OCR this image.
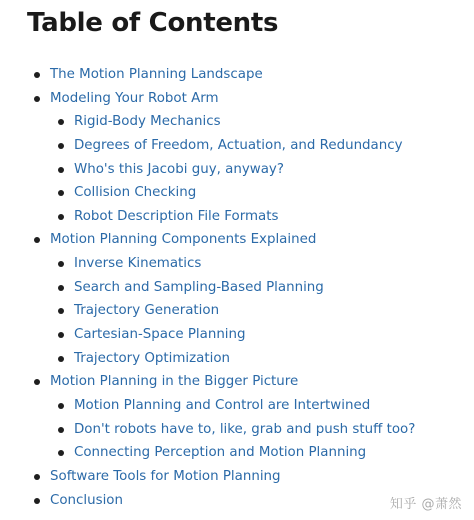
Table of Contents
The Motion Planning Landscape
Modeling Your Robot Arm
Rigid-Body Mechanics
Degrees of Freedom, Actuation, and Redundancy
Who's this Jacobi guy, anyway?
Collision Checking
Robot Description File Formats
Motion Planning Components Explained
Inverse Kinematics
Search and Sampling-Based Planning
Trajectory Generation
Cartesian-Space Planning
Trajectory Optimization
Motion Planning in the Bigger Picture
Motion Planning and Control are Intertwined
Don't robots have to, like, grab and push stuff too?
Connecting Perception and Motion Planning
Software Tools for Motion Planning
Conclusion	知乎 @萧然
